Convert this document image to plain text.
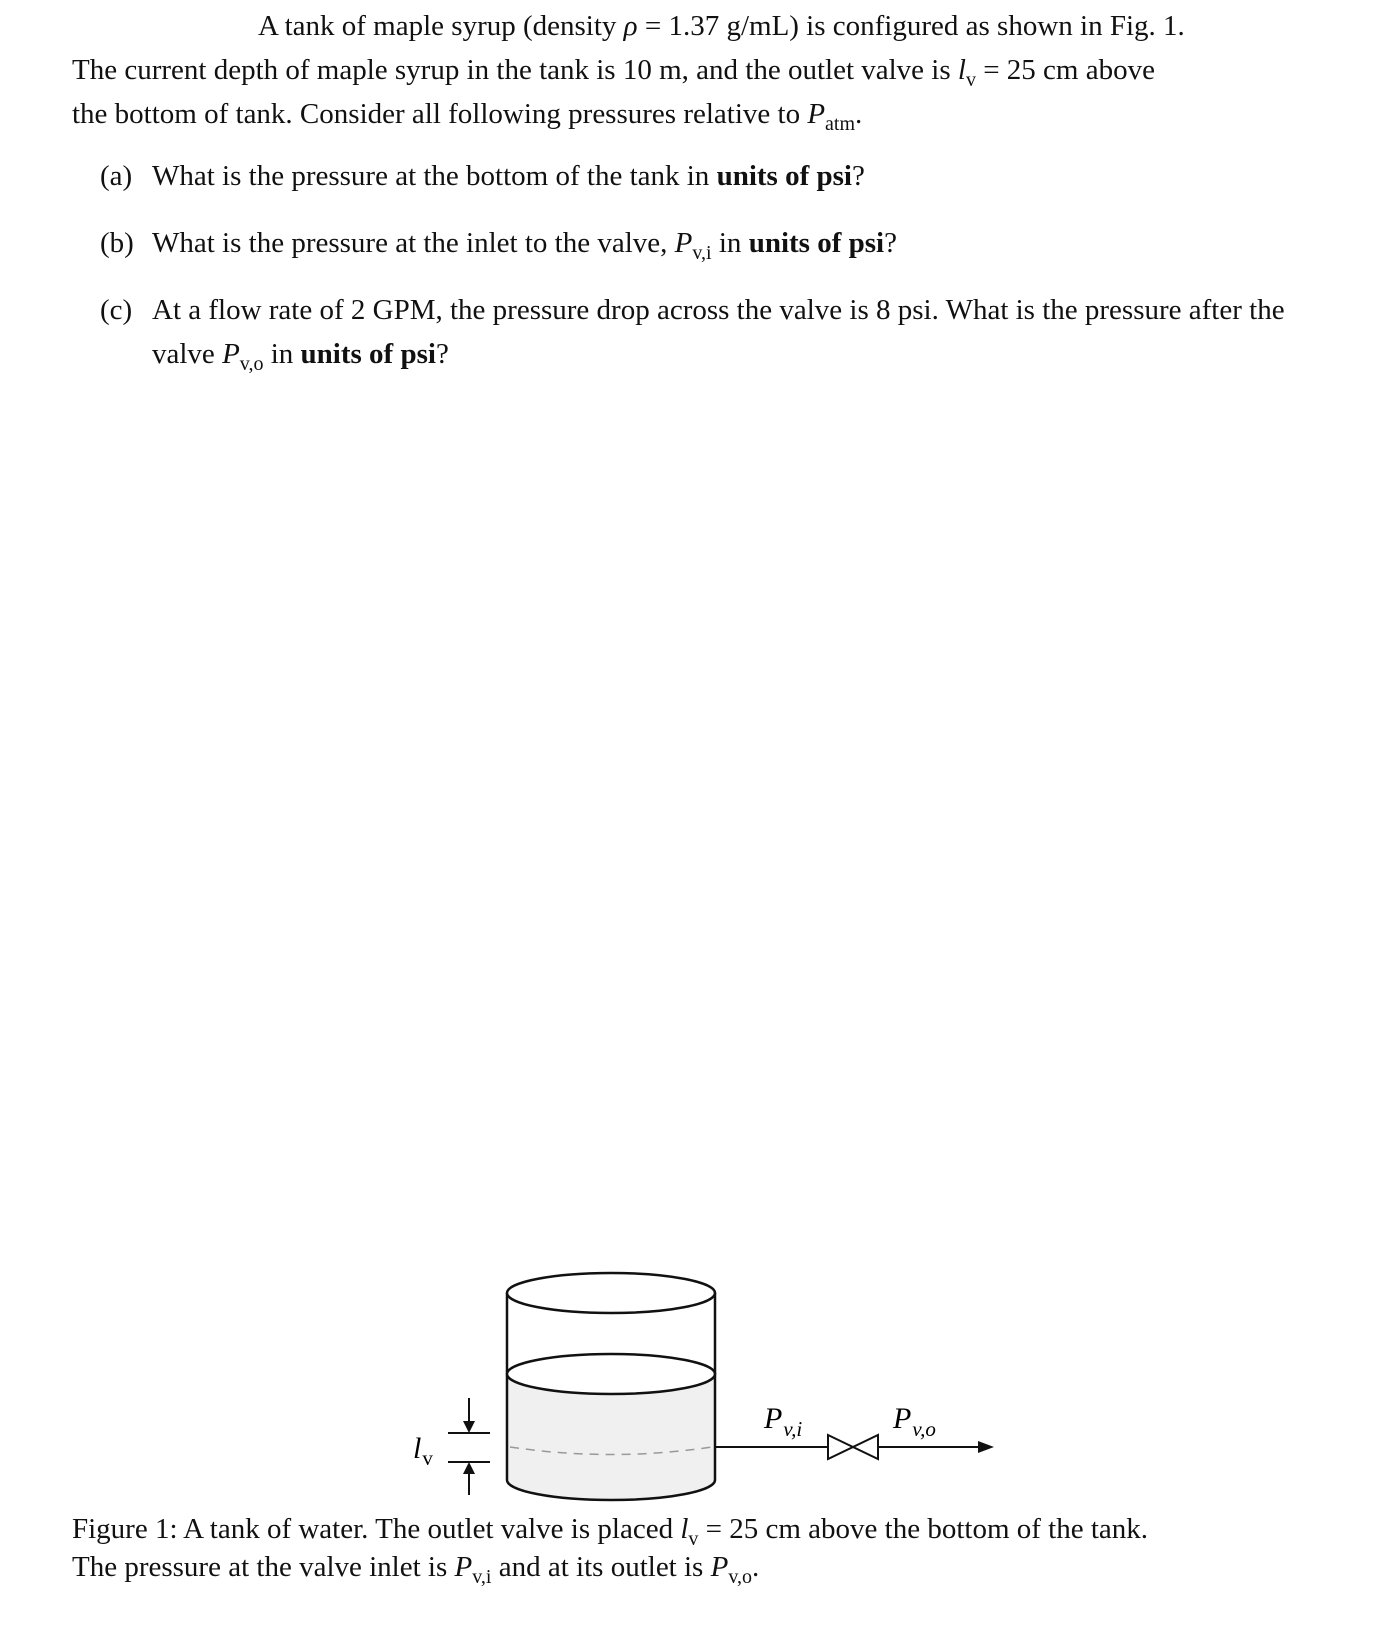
A tank of maple syrup (density ρ = 1.37 g/mL) is configured as shown in Fig. 1.
The current depth of maple syrup in the tank is 10 m, and the outlet valve is $l_v = 25$ cm above
the bottom of tank. Consider all following pressures relative to $P_{atm}$.
(a) What is the pressure at the bottom of the tank in units of psi?
(b) What is the pressure at the inlet to the valve, $P_{v,i}$ in units of psi?
(c) At a flow rate of 2 GPM, the pressure drop across the valve is 8 psi. What is the pressure after the valve $P_{v,o}$ in units of psi?
$l_v$
$P_{v,i}$	$P_{v,o}$
Figure 1: A tank of water. The outlet valve is placed $l_v = 25$ cm above the bottom of the tank.
The pressure at the valve inlet is $P_{v,i}$ and at its outlet is $P_{v,o}$.
